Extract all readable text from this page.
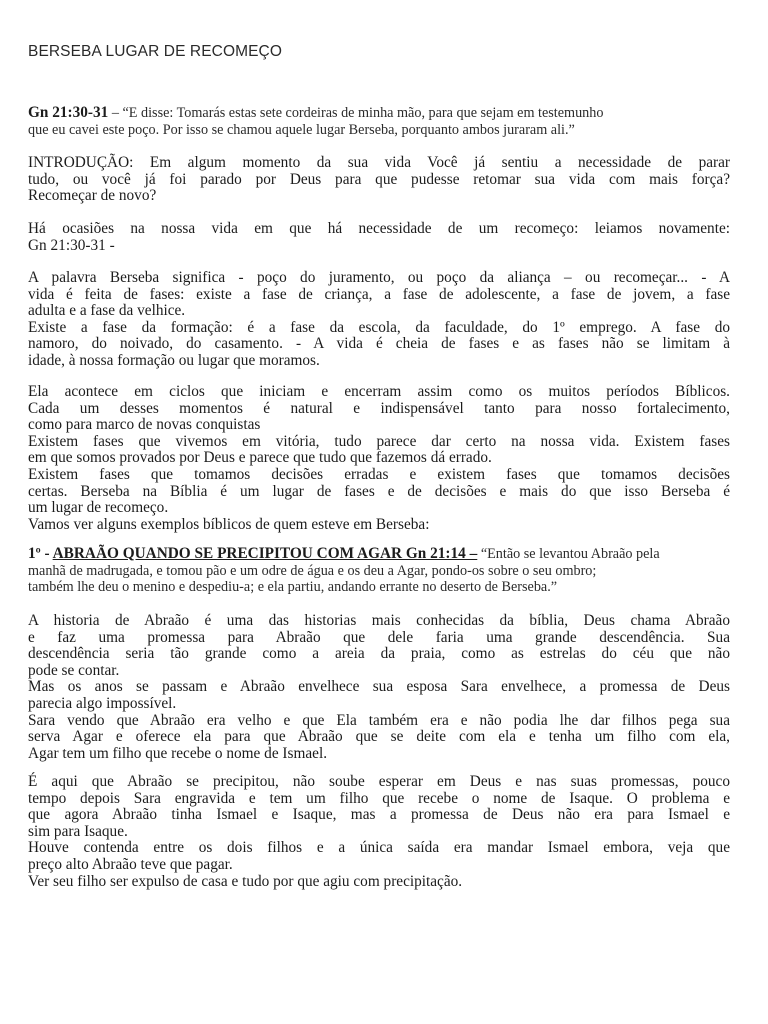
BERSEBA LUGAR DE RECOMEÇO
Gn 21:30-31 – “E disse: Tomarás estas sete cordeiras de minha mão, para que sejam em testemunho
que eu cavei este poço. Por isso se chamou aquele lugar Berseba, porquanto ambos juraram ali.”
INTRODUÇÃO: Em algum momento da sua vida Você já sentiu a necessidade de parar
tudo, ou você já foi parado por Deus para que pudesse retomar sua vida com mais força?
Recomeçar de novo?
Há ocasiões na nossa vida em que há necessidade de um recomeço: leiamos novamente:
Gn 21:30-31 -
A palavra Berseba significa - poço do juramento, ou poço da aliança – ou recomeçar... - A
vida é feita de fases: existe a fase de criança, a fase de adolescente, a fase de jovem, a fase
adulta e a fase da velhice.
Existe a fase da formação: é a fase da escola, da faculdade, do 1º emprego. A fase do
namoro, do noivado, do casamento. - A vida é cheia de fases e as fases não se limitam à
idade, à nossa formação ou lugar que moramos.
Ela acontece em ciclos que iniciam e encerram assim como os muitos períodos Bíblicos.
Cada um desses momentos é natural e indispensável tanto para nosso fortalecimento,
como para marco de novas conquistas
Existem fases que vivemos em vitória, tudo parece dar certo na nossa vida. Existem fases
em que somos provados por Deus e parece que tudo que fazemos dá errado.
Existem fases que tomamos decisões erradas e existem fases que tomamos decisões
certas. Berseba na Bíblia é um lugar de fases e de decisões e mais do que isso Berseba é
um lugar de recomeço.
Vamos ver alguns exemplos bíblicos de quem esteve em Berseba:
1º - ABRAÃO QUANDO SE PRECIPITOU COM AGAR Gn 21:14 – “Então se levantou Abraão pela
manhã de madrugada, e tomou pão e um odre de água e os deu a Agar, pondo-os sobre o seu ombro;
também lhe deu o menino e despediu-a; e ela partiu, andando errante no deserto de Berseba.”
A historia de Abraão é uma das historias mais conhecidas da bíblia, Deus chama Abraão
e faz uma promessa para Abraão que dele faria uma grande descendência. Sua
descendência seria tão grande como a areia da praia, como as estrelas do céu que não
pode se contar.
Mas os anos se passam e Abraão envelhece sua esposa Sara envelhece, a promessa de Deus
parecia algo impossível.
Sara vendo que Abraão era velho e que Ela também era e não podia lhe dar filhos pega sua
serva Agar e oferece ela para que Abraão que se deite com ela e tenha um filho com ela,
Agar tem um filho que recebe o nome de Ismael.
É aqui que Abraão se precipitou, não soube esperar em Deus e nas suas promessas, pouco
tempo depois Sara engravida e tem um filho que recebe o nome de Isaque. O problema e
que agora Abraão tinha Ismael e Isaque, mas a promessa de Deus não era para Ismael e
sim para Isaque.
Houve contenda entre os dois filhos e a única saída era mandar Ismael embora, veja que
preço alto Abraão teve que pagar.
Ver seu filho ser expulso de casa e tudo por que agiu com precipitação.
